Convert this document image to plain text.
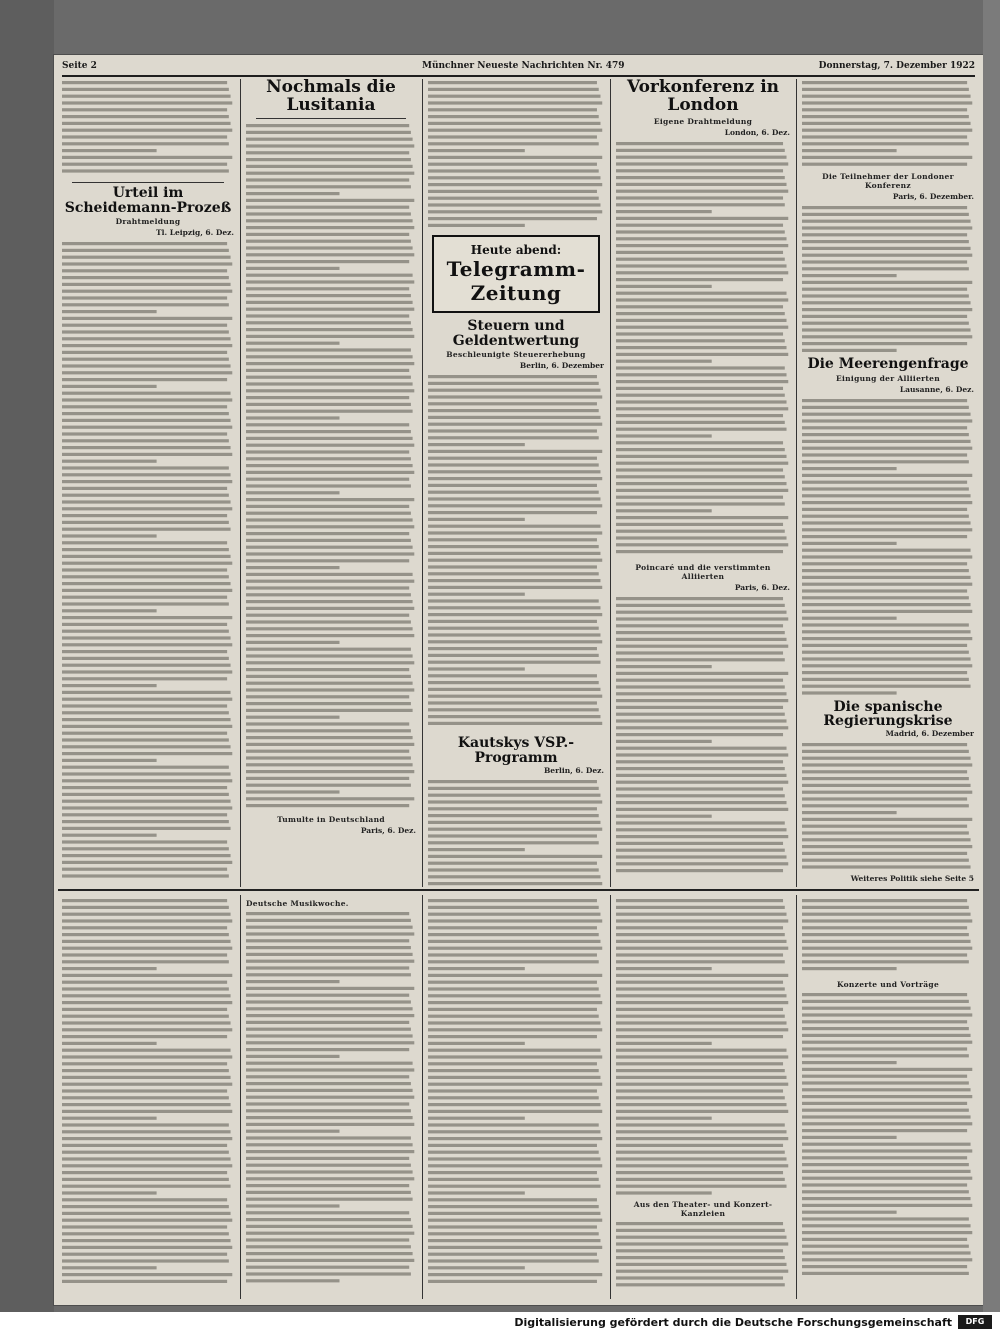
Seite 2	Münchner Neueste Nachrichten Nr. 479	Donnerstag, 7. Dezember 1922

Urteil im Scheidemann-Prozeß
Drahtmeldung
Tl. Leipzig, 6. Dez.

Nochmals die Lusitania

Tumulte in Deutschland
Paris, 6. Dez.

Heute abend:
Telegramm-Zeitung
Steuern und Geldentwertung
Beschleunigte Steuererhebung
Berlin, 6. Dezember

Kautskys VSP.-Programm
Berlin, 6. Dez.

Vorkonferenz in London
Eigene Drahtmeldung
London, 6. Dez.

Poincaré und die verstimmten Alliierten
Paris, 6. Dez.

Die Teilnehmer der Londoner Konferenz
Paris, 6. Dezember.

Die Meerengenfrage
Einigung der Alliierten
Lausanne, 6. Dez.

Die spanische Regierungskrise
Madrid, 6. Dezember

Weiteres Politik siehe Seite 5

Deutsche Musikwoche.

Aus den Theater- und Konzert-Kanzleien

Konzerte und Vorträge

Digitalisierung gefördert durch die Deutsche Forschungsgemeinschaft	DFG
